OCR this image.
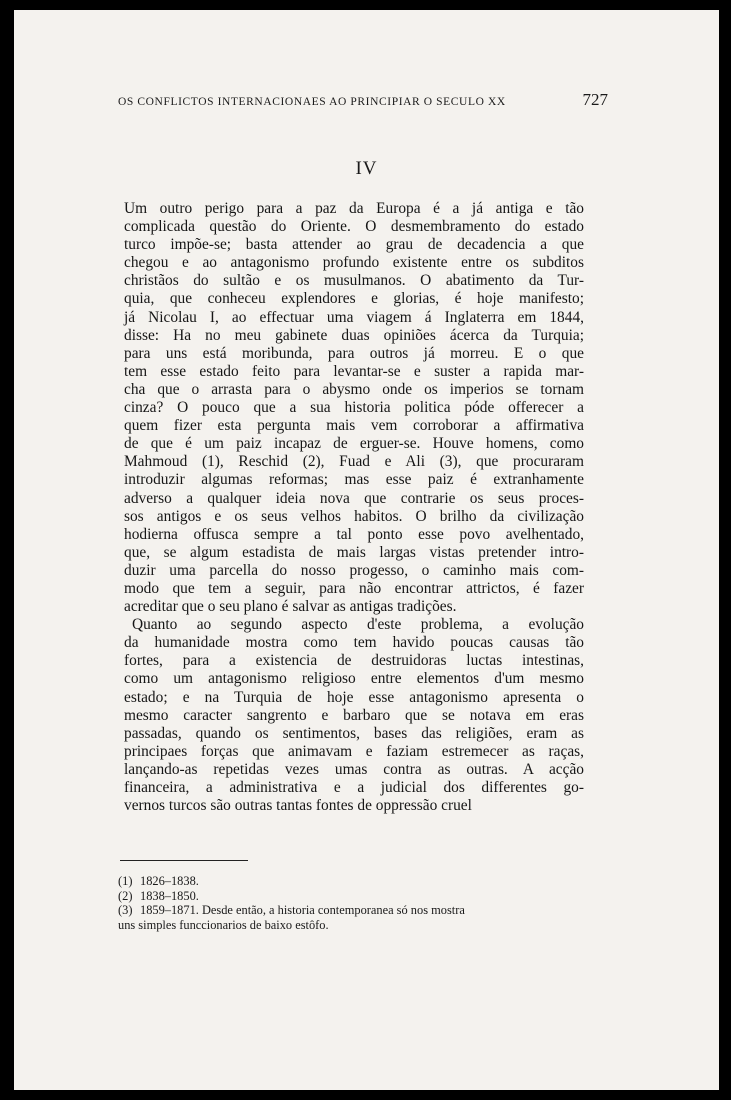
OS CONFLICTOS INTERNACIONAES AO PRINCIPIAR O SECULO XX	727
IV

Um outro perigo para a paz da Europa é a já antiga e tão
complicada questão do Oriente. O desmembramento do estado
turco impõe-se; basta attender ao grau de decadencia a que
chegou e ao antagonismo profundo existente entre os subditos
christãos do sultão e os musulmanos. O abatimento da Tur-
quia, que conheceu explendores e glorias, é hoje manifesto;
já Nicolau I, ao effectuar uma viagem á Inglaterra em 1844,
disse: Ha no meu gabinete duas opiniões ácerca da Turquia;
para uns está moribunda, para outros já morreu. E o que
tem esse estado feito para levantar-se e suster a rapida mar-
cha que o arrasta para o abysmo onde os imperios se tornam
cinza? O pouco que a sua historia politica póde offerecer a
quem fizer esta pergunta mais vem corroborar a affirmativa
de que é um paiz incapaz de erguer-se. Houve homens, como
Mahmoud (1), Reschid (2), Fuad e Ali (3), que procuraram
introduzir algumas reformas; mas esse paiz é extranhamente
adverso a qualquer ideia nova que contrarie os seus proces-
sos antigos e os seus velhos habitos. O brilho da civilização
hodierna offusca sempre a tal ponto esse povo avelhentado,
que, se algum estadista de mais largas vistas pretender intro-
duzir uma parcella do nosso progesso, o caminho mais com-
modo que tem a seguir, para não encontrar attrictos, é fazer
acreditar que o seu plano é salvar as antigas tradições.

Quanto ao segundo aspecto d'este problema, a evolução
da humanidade mostra como tem havido poucas causas tão
fortes, para a existencia de destruidoras luctas intestinas,
como um antagonismo religioso entre elementos d'um mesmo
estado; e na Turquia de hoje esse antagonismo apresenta o
mesmo caracter sangrento e barbaro que se notava em eras
passadas, quando os sentimentos, bases das religiões, eram as
principaes forças que animavam e faziam estremecer as raças,
lançando-as repetidas vezes umas contra as outras. A acção
financeira, a administrativa e a judicial dos differentes go-
vernos turcos são outras tantas fontes de oppressão cruel

(1) 1826–1838.
(2) 1838–1850.
(3) 1859–1871. Desde então, a historia contemporanea só nos mostra
uns simples funccionarios de baixo estôfo.
